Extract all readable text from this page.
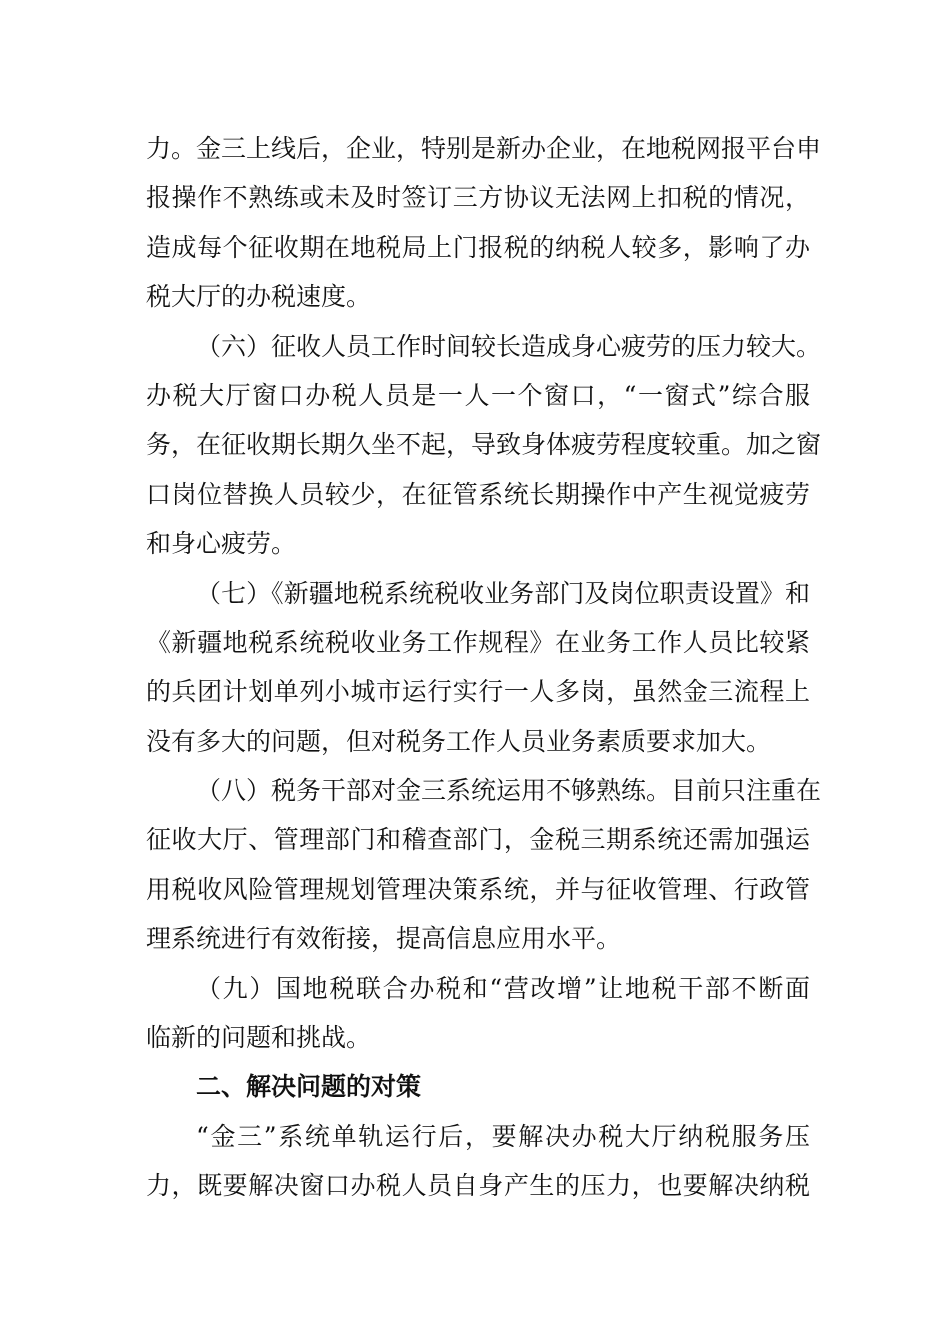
力。金三上线后，企业，特别是新办企业，在地税网报平台申
报操作不熟练或未及时签订三方协议无法网上扣税的情况，
造成每个征收期在地税局上门报税的纳税人较多，影响了办
税大厅的办税速度。
（六）征收人员工作时间较长造成身心疲劳的压力较大。
办税大厅窗口办税人员是一人一个窗口，“一窗式”综合服
务，在征收期长期久坐不起，导致身体疲劳程度较重。加之窗
口岗位替换人员较少，在征管系统长期操作中产生视觉疲劳
和身心疲劳。
（七）《新疆地税系统税收业务部门及岗位职责设置》和
《新疆地税系统税收业务工作规程》在业务工作人员比较紧
的兵团计划单列小城市运行实行一人多岗，虽然金三流程上
没有多大的问题，但对税务工作人员业务素质要求加大。
（八）税务干部对金三系统运用不够熟练。目前只注重在
征收大厅、管理部门和稽查部门，金税三期系统还需加强运
用税收风险管理规划管理决策系统，并与征收管理、行政管
理系统进行有效衔接，提高信息应用水平。
（九）国地税联合办税和“营改增”让地税干部不断面
临新的问题和挑战。
二、解决问题的对策
“金三”系统单轨运行后，要解决办税大厅纳税服务压
力，既要解决窗口办税人员自身产生的压力，也要解决纳税
